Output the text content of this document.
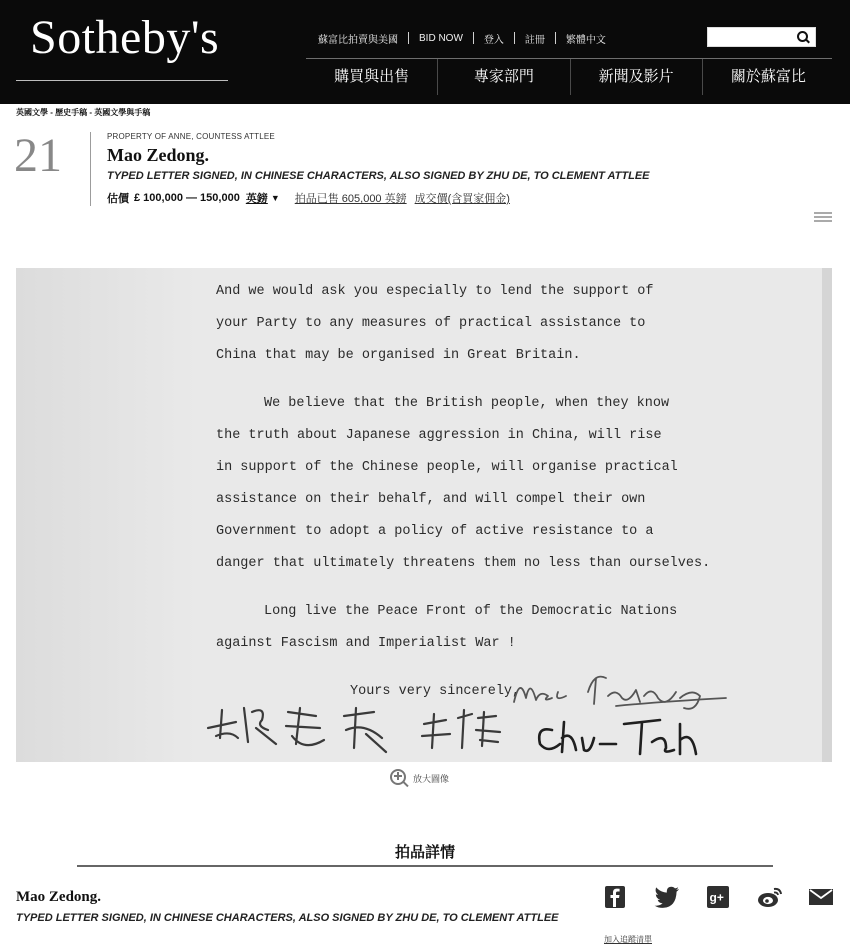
Sotheby's	蘇富比拍賣與美國	BID NOW	登入	註冊	繁體中文
購買與出售	專家部門	新聞及影片	關於蘇富比
英國文學 - 歷史手稿 - 英國文學與手稿
21	PROPERTY OF ANNE, COUNTESS ATTLEE
Mao Zedong.
TYPED LETTER SIGNED, IN CHINESE CHARACTERS, ALSO SIGNED BY ZHU DE, TO CLEMENT ATTLEE
估價 £ 100,000 — 150,000 英鎊 ▼ 拍品已售 605,000 英鎊 成交價(含買家佣金)
And we would ask you especially to lend the support of
your Party to any measures of practical assistance to
China that may be organised in Great Britain.
We believe that the British people, when they know
the truth about Japanese aggression in China, will rise
in support of the Chinese people, will organise practical
assistance on their behalf, and will compel their own
Government to adopt a policy of active resistance to a
danger that ultimately threatens them no less than ourselves.
Long live the Peace Front of the Democratic Nations
against Fascism and Imperialist War !
Yours very sincerely,
放大圖像
拍品詳情
Mao Zedong.
TYPED LETTER SIGNED, IN CHINESE CHARACTERS, ALSO SIGNED BY ZHU DE, TO CLEMENT ATTLEE
g+
加入追蹤清單
